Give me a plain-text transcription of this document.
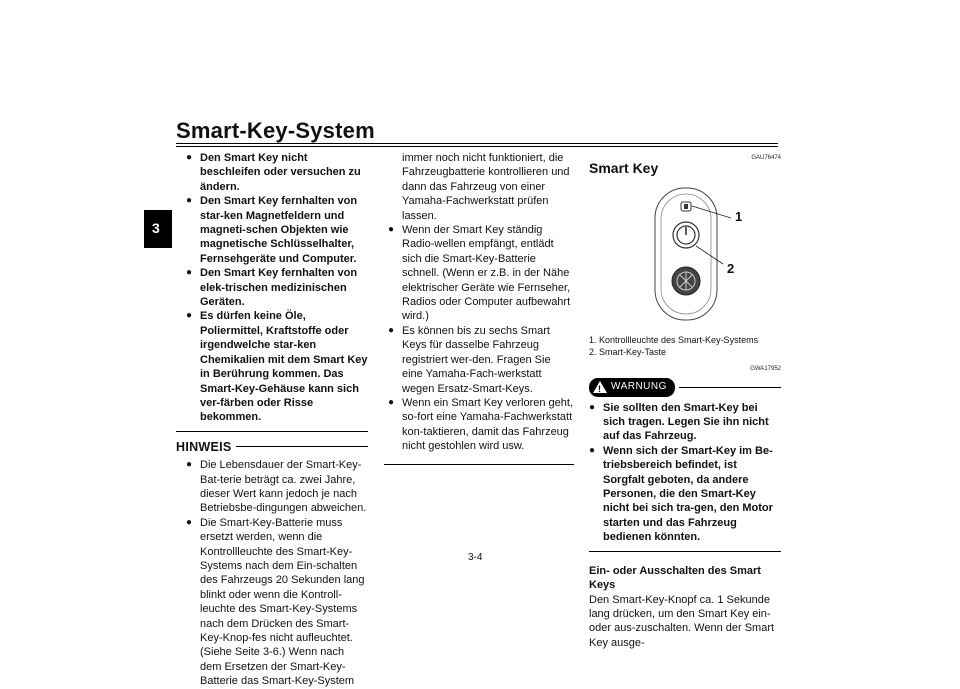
Smart-Key-System
3
● Den Smart Key nicht beschleifen oder versuchen zu ändern.
● Den Smart Key fernhalten von star-ken Magnetfeldern und magneti-schen Objekten wie magnetische Schlüsselhalter, Fernsehgeräte und Computer.
● Den Smart Key fernhalten von elek-trischen medizinischen Geräten.
● Es dürfen keine Öle, Poliermittel, Kraftstoffe oder irgendwelche star-ken Chemikalien mit dem Smart Key in Berührung kommen. Das Smart-Key-Gehäuse kann sich ver-färben oder Risse bekommen.
HINWEIS
● Die Lebensdauer der Smart-Key-Bat-terie beträgt ca. zwei Jahre, dieser Wert kann jedoch je nach Betriebsbe-dingungen abweichen.
● Die Smart-Key-Batterie muss ersetzt werden, wenn die Kontrollleuchte des Smart-Key-Systems nach dem Ein-schalten des Fahrzeugs 20 Sekunden lang blinkt oder wenn die Kontroll-leuchte des Smart-Key-Systems nach dem Drücken des Smart-Key-Knop-fes nicht aufleuchtet. (Siehe Seite 3-6.) Wenn nach dem Ersetzen der Smart-Key-Batterie das Smart-Key-System
immer noch nicht funktioniert, die Fahrzeugbatterie kontrollieren und dann das Fahrzeug von einer Yamaha-Fachwerkstatt prüfen lassen.
● Wenn der Smart Key ständig Radio-wellen empfängt, entlädt sich die Smart-Key-Batterie schnell. (Wenn er z.B. in der Nähe elektrischer Geräte wie Fernseher, Radios oder Computer aufbewahrt wird.)
● Es können bis zu sechs Smart Keys für dasselbe Fahrzeug registriert wer-den. Fragen Sie eine Yamaha-Fach-werkstatt wegen Ersatz-Smart-Keys.
● Wenn ein Smart Key verloren geht, so-fort eine Yamaha-Fachwerkstatt kon-taktieren, damit das Fahrzeug nicht gestohlen wird usw.
GAU76474
Smart Key
1
2
1. Kontrollleuchte des Smart-Key-Systems
2. Smart-Key-Taste
GWA17952
! WARNUNG
● Sie sollten den Smart-Key bei sich tragen. Legen Sie ihn nicht auf das Fahrzeug.
● Wenn sich der Smart-Key im Be-triebsbereich befindet, ist Sorgfalt geboten, da andere Personen, die den Smart-Key nicht bei sich tra-gen, den Motor starten und das Fahrzeug bedienen könnten.
Ein- oder Ausschalten des Smart Keys
Den Smart-Key-Knopf ca. 1 Sekunde lang drücken, um den Smart Key ein- oder aus-zuschalten. Wenn der Smart Key ausge-
3-4
